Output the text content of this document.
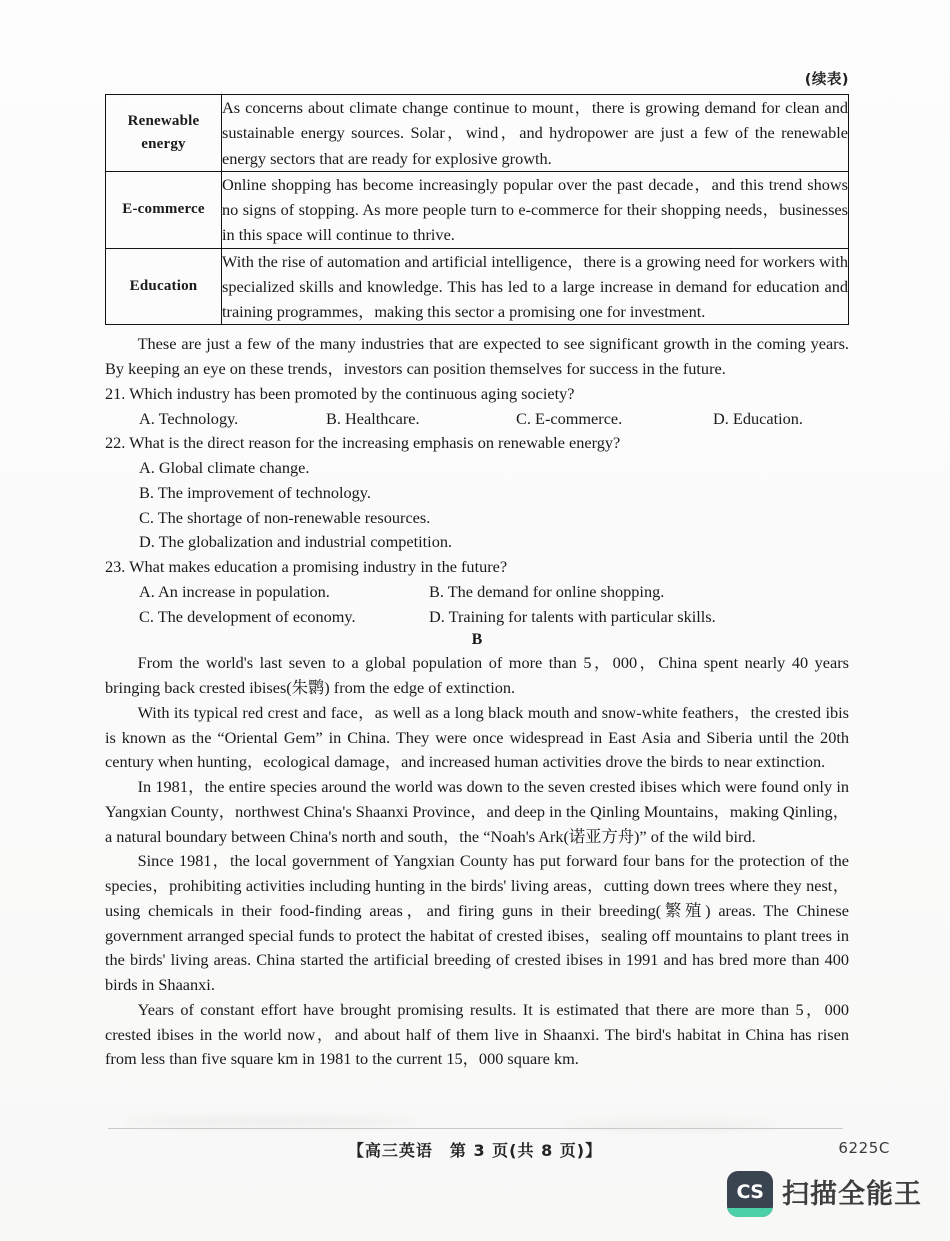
(续表)
Renewable
energy	As concerns about climate change continue to mount，there is growing demand for clean and sustainable energy sources. Solar，wind，and hydropower are just a few of the renewable energy sectors that are ready for explosive growth.
E-commerce	Online shopping has become increasingly popular over the past decade，and this trend shows no signs of stopping. As more people turn to e-commerce for their shopping needs，businesses in this space will continue to thrive.
Education	With the rise of automation and artificial intelligence，there is a growing need for workers with specialized skills and knowledge. This has led to a large increase in demand for education and training programmes，making this sector a promising one for investment.

These are just a few of the many industries that are expected to see significant growth in the coming years. By keeping an eye on these trends，investors can position themselves for success in the future.

21. Which industry has been promoted by the continuous aging society?

A. Technology.	B. Healthcare.	C. E-commerce.	D. Education.

22. What is the direct reason for the increasing emphasis on renewable energy?

A. Global climate change.
B. The improvement of technology.
C. The shortage of non-renewable resources.
D. The globalization and industrial competition.

23. What makes education a promising industry in the future?

A. An increase in population.	B. The demand for online shopping.
C. The development of economy.	D. Training for talents with particular skills.
B

From the world's last seven to a global population of more than 5，000，China spent nearly 40 years bringing back crested ibises(朱鹮) from the edge of extinction.

With its typical red crest and face，as well as a long black mouth and snow-white feathers，the crested ibis is known as the “Oriental Gem” in China. They were once widespread in East Asia and Siberia until the 20th century when hunting，ecological damage，and increased human activities drove the birds to near extinction.

In 1981，the entire species around the world was down to the seven crested ibises which were found only in Yangxian County，northwest China's Shaanxi Province，and deep in the Qinling Mountains，making Qinling，a natural boundary between China's north and south，the “Noah's Ark(诺亚方舟)” of the wild bird.

Since 1981，the local government of Yangxian County has put forward four bans for the protection of the species，prohibiting activities including hunting in the birds' living areas，cutting down trees where they nest，using chemicals in their food-finding areas，and firing guns in their breeding(繁殖) areas. The Chinese government arranged special funds to protect the habitat of crested ibises，sealing off mountains to plant trees in the birds' living areas. China started the artificial breeding of crested ibises in 1991 and has bred more than 400 birds in Shaanxi.

Years of constant effort have brought promising results. It is estimated that there are more than 5，000 crested ibises in the world now，and about half of them live in Shaanxi. The bird's habitat in China has risen from less than five square km in 1981 to the current 15，000 square km.

【高三英语　第 3 页(共 8 页)】	6225C
CS 扫描全能王
